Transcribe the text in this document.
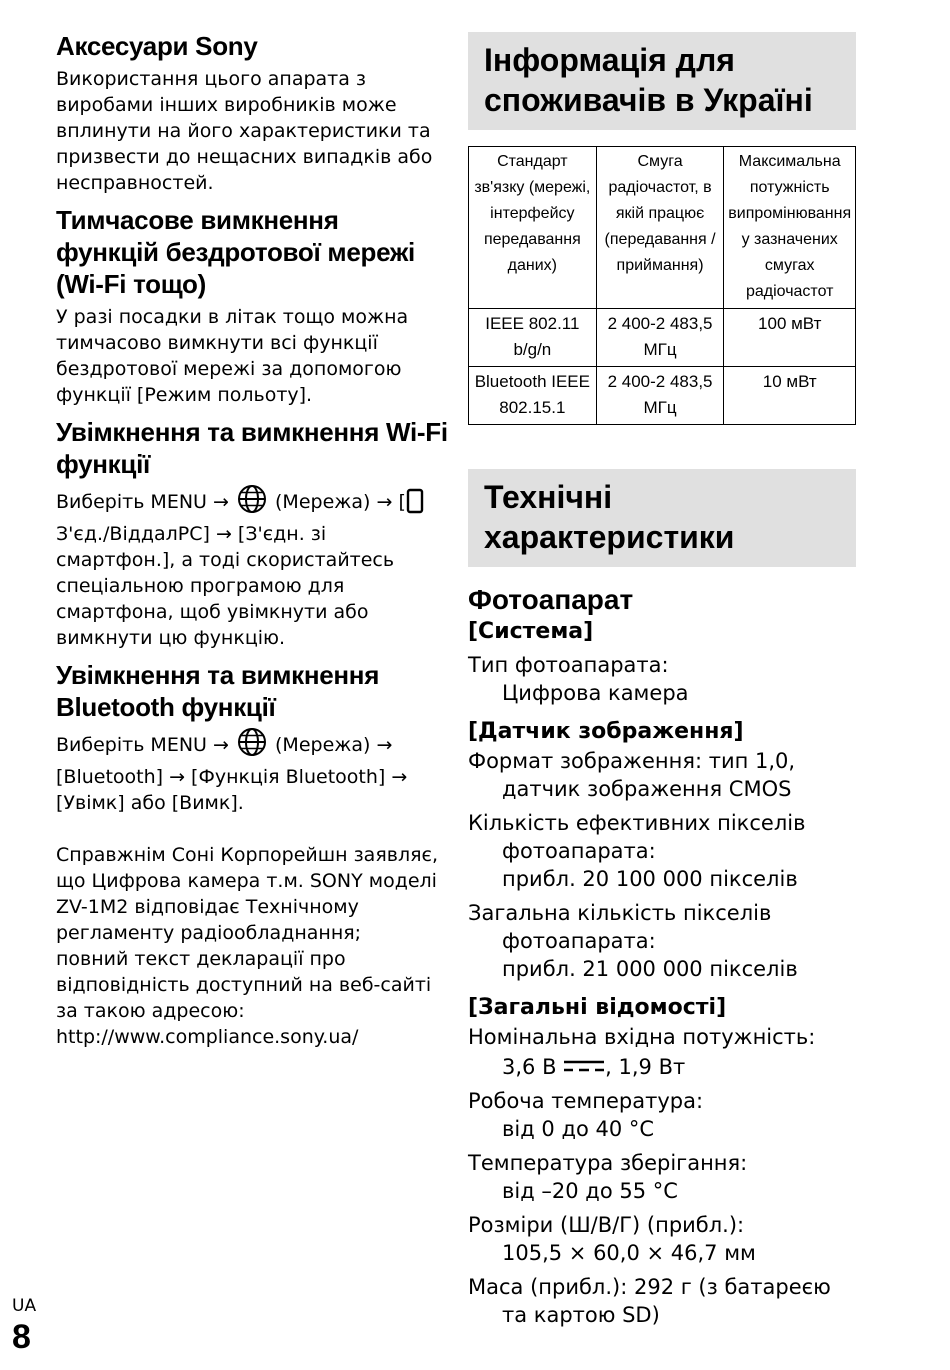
Аксесуари Sony

Використання цього апарата з виробами інших виробників може вплинути на його характеристики та призвести до нещасних випадків або несправностей.

Тимчасове вимкнення функцій бездротової мережі (Wi-Fi тощо)

У разі посадки в літак тощо можна тимчасово вимкнути всі функції бездротової мережі за допомогою функції [Режим польоту].

Увімкнення та вимкнення Wi-Fi функції

Виберіть MENU → (Мережа) → [ З'єд./ВіддалPC] → [З'єдн. зі смартфон.], а тоді скористайтесь спеціальною програмою для смартфона, щоб увімкнути або вимкнути цю функцію.

Увімкнення та вимкнення Bluetooth функції

Виберіть MENU → (Мережа) → [Bluetooth] → [Функція Bluetooth] → [Увімк] або [Вимк].

Справжнім Соні Корпорейшн заявляє, що Цифрова камера т.м. SONY моделі ZV-1M2 відповідає Технічному регламенту радіообладнання;

повний текст декларації про відповідність доступний на веб-сайті за такою адресою:

http://www.compliance.sony.ua/

Інформація для
споживачів в Україні
Стандарт зв'язку (мережі, інтерфейсу передавання даних)	Смуга радіочастот, в якій працює (передавання / приймання)	Максимальна потужність випромінювання у зазначених смугах радіочастот
IEEE 802.11 b/g/n	2 400-2 483,5 МГц	100 мВт
Bluetooth IEEE 802.15.1	2 400-2 483,5 МГц	10 мВт
Технічні
характеристики
Фотоапарат
[Система]

Тип фотоапарата:
Цифрова камера

[Датчик зображення]

Формат зображення: тип 1,0,
датчик зображення CMOS

Кількість ефективних пікселів
фотоапарата:
прибл. 20 100 000 пікселів

Загальна кількість пікселів
фотоапарата:
прибл. 21 000 000 пікселів

[Загальні відомості]

Номінальна вхідна потужність:
3,6 В , 1,9 Вт

Робоча температура:
від 0 до 40 °C

Температура зберігання:
від –20 до 55 °C

Розміри (Ш/В/Г) (прибл.):
105,5 × 60,0 × 46,7 мм

Маса (прибл.): 292 г (з батареєю
та картою SD)

UA
8
